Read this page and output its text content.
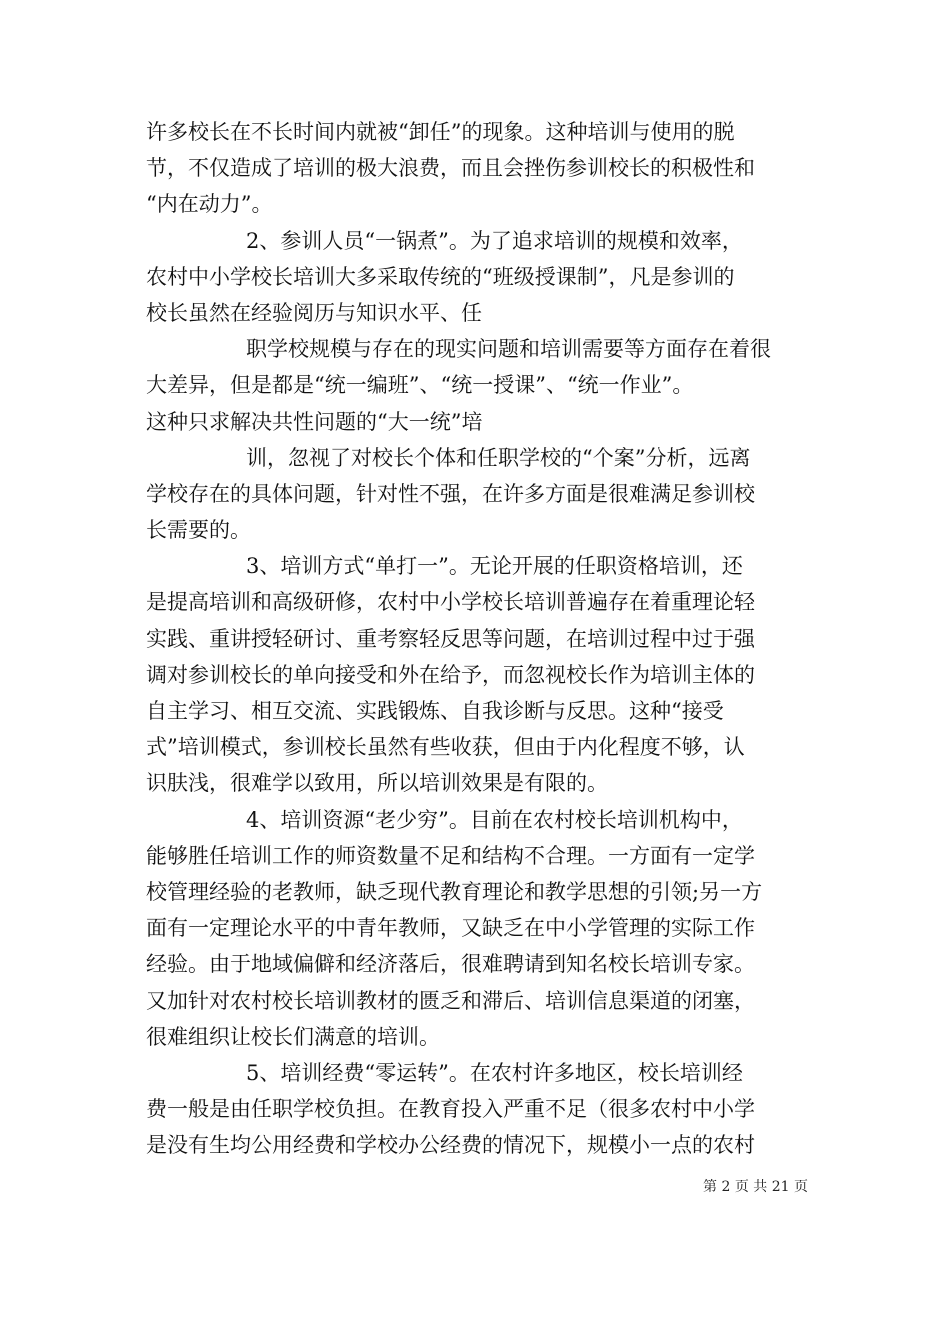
许多校长在不长时间内就被“卸任”的现象。这种培训与使用的脱
节，不仅造成了培训的极大浪费，而且会挫伤参训校长的积极性和
“内在动力”。
2、参训人员“一锅煮”。为了追求培训的规模和效率，
农村中小学校长培训大多采取传统的“班级授课制”，凡是参训的
校长虽然在经验阅历与知识水平、任
职学校规模与存在的现实问题和培训需要等方面存在着很
大差异，但是都是“统一编班”、“统一授课”、“统一作业”。
这种只求解决共性问题的“大一统”培
训，忽视了对校长个体和任职学校的“个案”分析，远离
学校存在的具体问题，针对性不强，在许多方面是很难满足参训校
长需要的。
3、培训方式“单打一”。无论开展的任职资格培训，还
是提高培训和高级研修，农村中小学校长培训普遍存在着重理论轻
实践、重讲授轻研讨、重考察轻反思等问题，在培训过程中过于强
调对参训校长的单向接受和外在给予，而忽视校长作为培训主体的
自主学习、相互交流、实践锻炼、自我诊断与反思。这种“接受
式”培训模式，参训校长虽然有些收获，但由于内化程度不够，认
识肤浅，很难学以致用，所以培训效果是有限的。
4、培训资源“老少穷”。目前在农村校长培训机构中，
能够胜任培训工作的师资数量不足和结构不合理。一方面有一定学
校管理经验的老教师，缺乏现代教育理论和教学思想的引领;另一方
面有一定理论水平的中青年教师，又缺乏在中小学管理的实际工作
经验。由于地域偏僻和经济落后，很难聘请到知名校长培训专家。
又加针对农村校长培训教材的匮乏和滞后、培训信息渠道的闭塞，
很难组织让校长们满意的培训。
5、培训经费“零运转”。在农村许多地区，校长培训经
费一般是由任职学校负担。在教育投入严重不足（很多农村中小学
是没有生均公用经费和学校办公经费的情况下，规模小一点的农村
第 2 页 共 21 页
